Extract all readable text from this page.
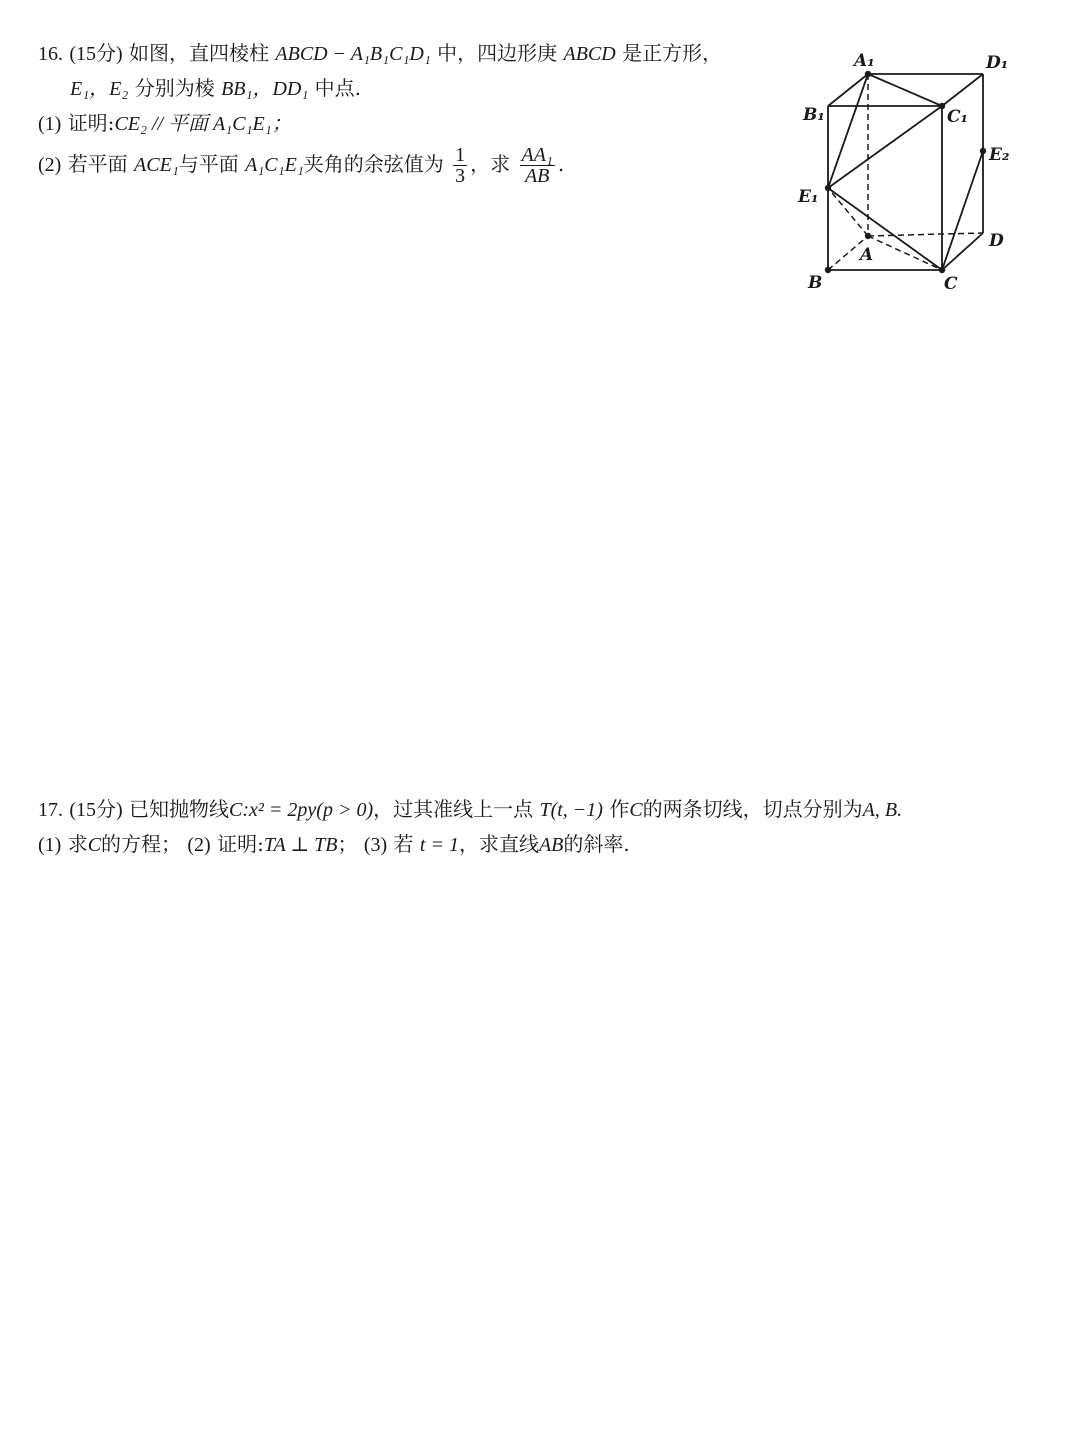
16. (15分) 如图，直四棱柱 ABCD − A₁B₁C₁D₁ 中，四边形庚 ABCD 是正方形，
E₁，E₂ 分别为棱 BB₁，DD₁ 中点.
(1) 证明:CE₂ // 平面 A₁C₁E₁；
(2) 若平面 ACE₁与平面 A₁C₁E₁夹角的余弦值为 $\frac{1}{3}$ ，求 $\frac{\text{AA₁}}{AB}$ .
A₁	D₁
B₁	C₁
E₂
E₁
A
D
B	C
17. (15分) 已知抛物线C:x² = 2py(p > 0)，过其准线上一点 T(t, −1) 作C的两条切线，切点分别为A, B.
(1) 求C的方程； (2) 证明:TA ⊥ TB； (3) 若 t = 1，求直线AB的斜率.
